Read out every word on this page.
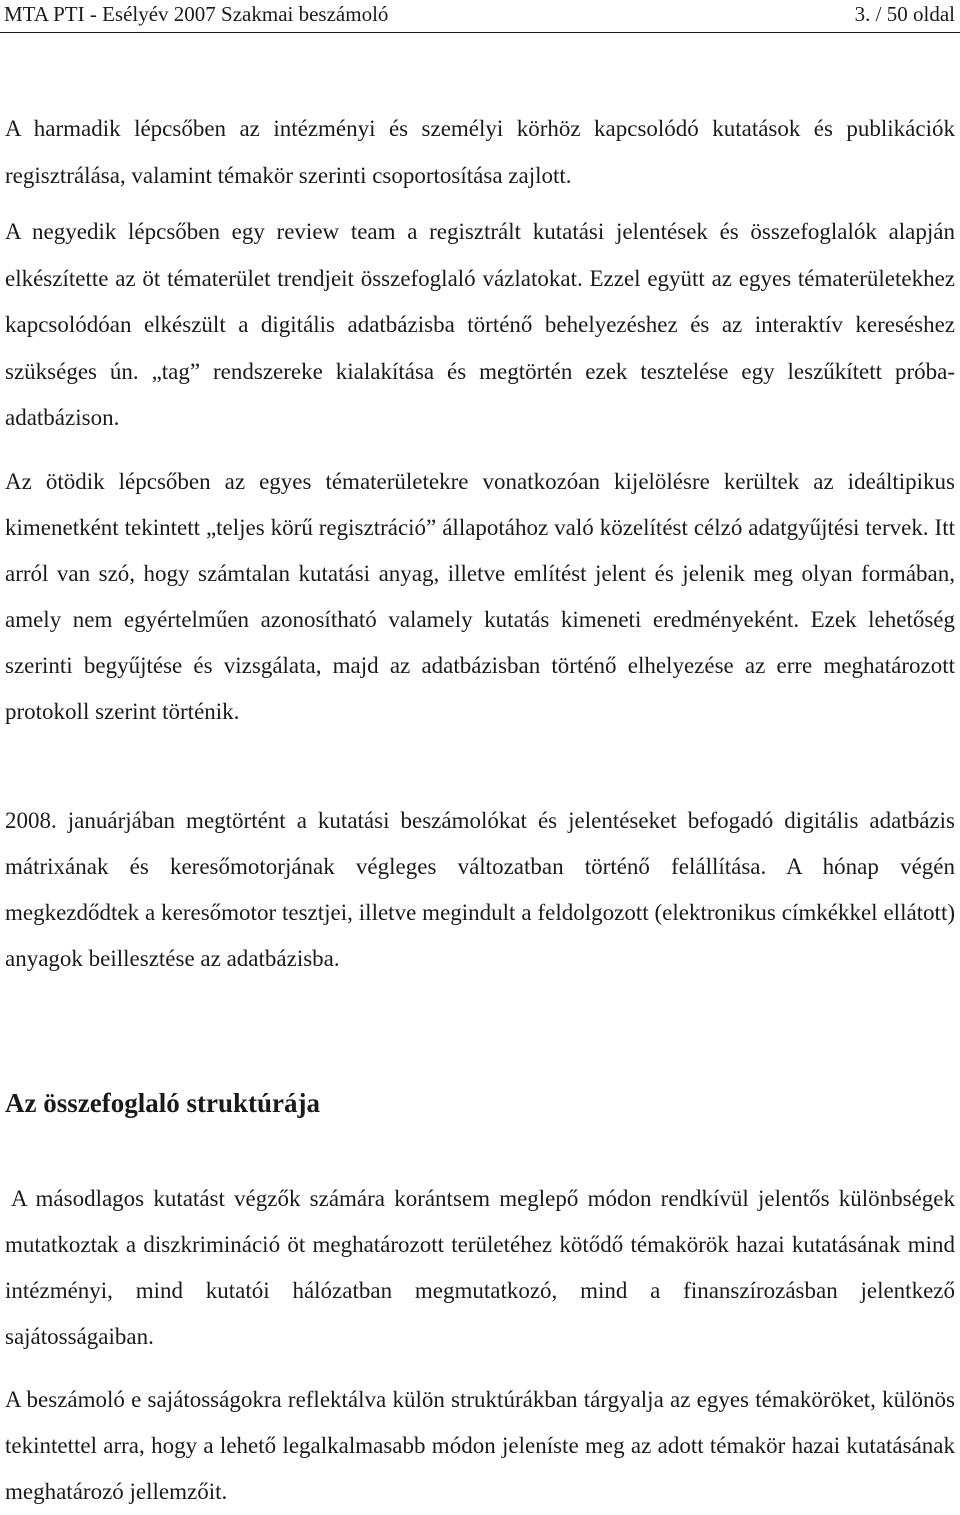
MTA PTI - Esélyév 2007 Szakmai beszámoló	3. / 50 oldal

A harmadik lépcsőben az intézményi és személyi körhöz kapcsolódó kutatások és publikációk regisztrálása, valamint témakör szerinti csoportosítása zajlott.

A negyedik lépcsőben egy review team a regisztrált kutatási jelentések és összefoglalók alapján elkészítette az öt tématerület trendjeit összefoglaló vázlatokat. Ezzel együtt az egyes tématerületekhez kapcsolódóan elkészült a digitális adatbázisba történő behelyezéshez és az interaktív kereséshez szükséges ún. „tag” rendszereke kialakítása és megtörtén ezek tesztelése egy leszűkített próba-adatbázison.

Az ötödik lépcsőben az egyes tématerületekre vonatkozóan kijelölésre kerültek az ideáltipikus kimenetként tekintett „teljes körű regisztráció” állapotához való közelítést célzó adatgyűjtési tervek. Itt arról van szó, hogy számtalan kutatási anyag, illetve említést jelent és jelenik meg olyan formában, amely nem egyértelműen azonosítható valamely kutatás kimeneti eredményeként. Ezek lehetőség szerinti begyűjtése és vizsgálata, majd az adatbázisban történő elhelyezése az erre meghatározott protokoll szerint történik.

2008. januárjában megtörtént a kutatási beszámolókat és jelentéseket befogadó digitális adatbázis mátrixának és keresőmotorjának végleges változatban történő felállítása. A hónap végén megkezdődtek a keresőmotor tesztjei, illetve megindult a feldolgozott (elektronikus címkékkel ellátott) anyagok beillesztése az adatbázisba.

Az összefoglaló struktúrája

A másodlagos kutatást végzők számára korántsem meglepő módon rendkívül jelentős különbségek mutatkoztak a diszkrimináció öt meghatározott területéhez kötődő témakörök hazai kutatásának mind intézményi, mind kutatói hálózatban megmutatkozó, mind a finanszírozásban jelentkező sajátosságaiban.

A beszámoló e sajátosságokra reflektálva külön struktúrákban tárgyalja az egyes témaköröket, különös tekintettel arra, hogy a lehető legalkalmasabb módon jeleníste meg az adott témakör hazai kutatásának meghatározó jellemzőit.
